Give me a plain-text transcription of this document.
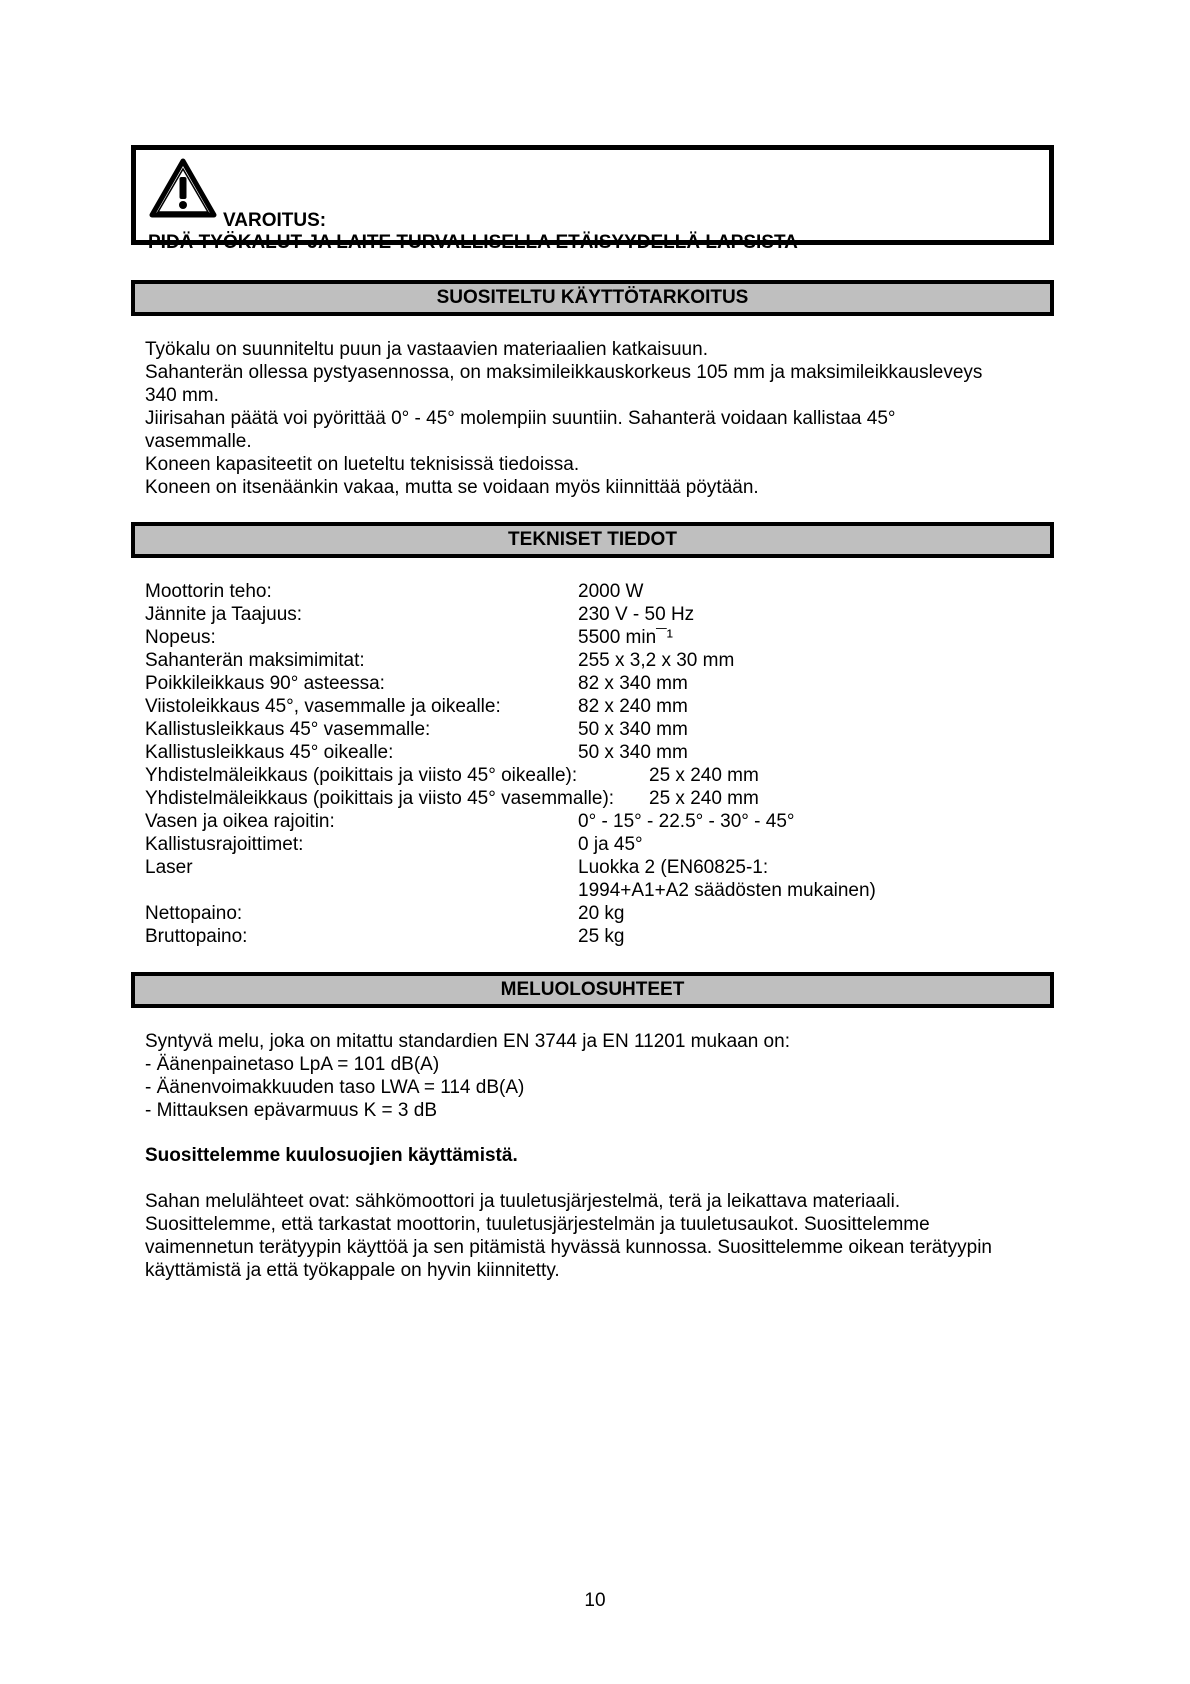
VAROITUS:
PIDÄ TYÖKALUT JA LAITE TURVALLISELLA ETÄISYYDELLÄ LAPSISTA
SUOSITELTU KÄYTTÖTARKOITUS
Työkalu on suunniteltu puun ja vastaavien materiaalien katkaisuun.
Sahanterän ollessa pystyasennossa, on maksimileikkauskorkeus 105 mm ja maksimileikkausleveys
340 mm.
Jiirisahan päätä voi pyörittää 0° - 45° molempiin suuntiin. Sahanterä voidaan kallistaa 45°
vasemmalle.
Koneen kapasiteetit on lueteltu teknisissä tiedoissa.
Koneen on itsenäänkin vakaa, mutta se voidaan myös kiinnittää pöytään.
TEKNISET TIEDOT
Moottorin teho:	2000 W
Jännite ja Taajuus:	230 V - 50 Hz
Nopeus:	5500 min¯¹
Sahanterän maksimimitat:	255 x 3,2 x 30 mm
Poikkileikkaus 90° asteessa:	82 x 340 mm
Viistoleikkaus 45°, vasemmalle ja oikealle:	82 x 240 mm
Kallistusleikkaus 45° vasemmalle:	50 x 340 mm
Kallistusleikkaus 45° oikealle:	50 x 340 mm
Yhdistelmäleikkaus (poikittais ja viisto 45° oikealle):	25 x 240 mm
Yhdistelmäleikkaus (poikittais ja viisto 45° vasemmalle): 25 x 240 mm
Vasen ja oikea rajoitin:	0° - 15° - 22.5° - 30° - 45°
Kallistusrajoittimet:	0 ja 45°
Laser	Luokka 2 (EN60825-1:
1994+A1+A2 säädösten mukainen)
Nettopaino:	20 kg
Bruttopaino:	25 kg
MELUOLOSUHTEET
Syntyvä melu, joka on mitattu standardien EN 3744 ja EN 11201 mukaan on:
- Äänenpainetaso LpA = 101 dB(A)
- Äänenvoimakkuuden taso LWA = 114 dB(A)
- Mittauksen epävarmuus K = 3 dB
Suosittelemme kuulosuojien käyttämistä.
Sahan melulähteet ovat: sähkömoottori ja tuuletusjärjestelmä, terä ja leikattava materiaali.
Suosittelemme, että tarkastat moottorin, tuuletusjärjestelmän ja tuuletusaukot. Suosittelemme
vaimennetun terätyypin käyttöä ja sen pitämistä hyvässä kunnossa. Suosittelemme oikean terätyypin
käyttämistä ja että työkappale on hyvin kiinnitetty.
10
